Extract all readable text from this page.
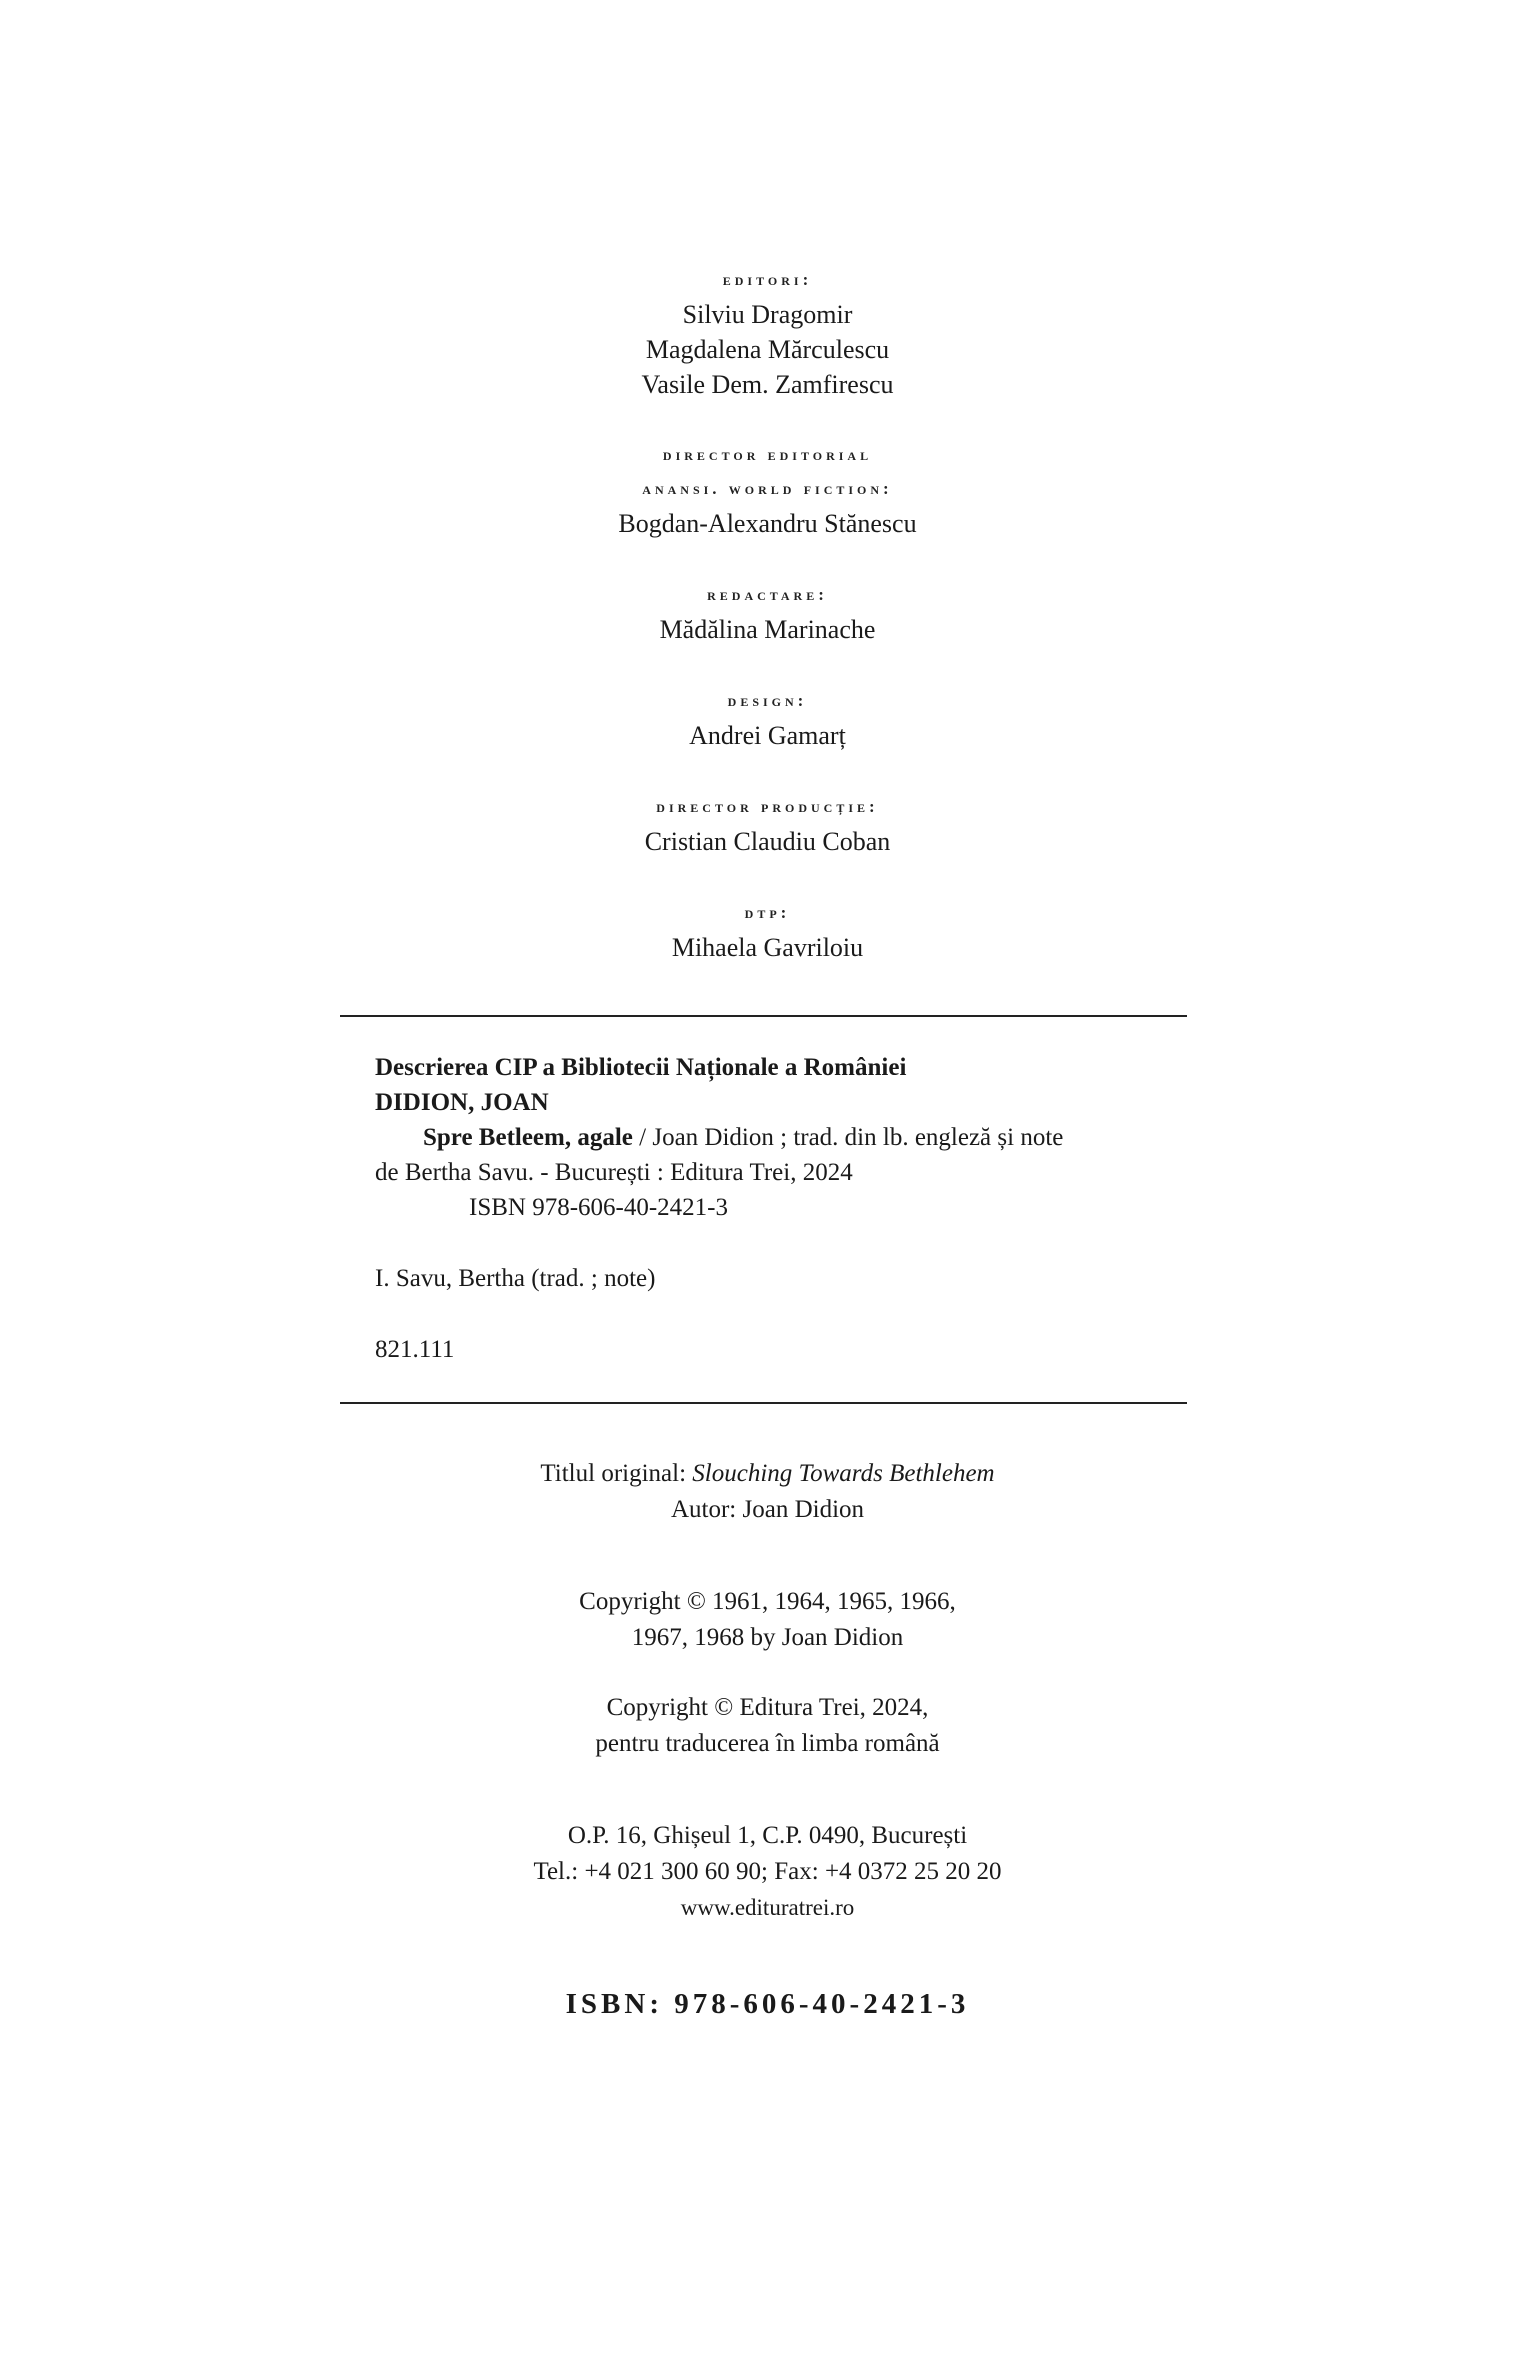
editori:
Silviu Dragomir
Magdalena Mărculescu
Vasile Dem. Zamfirescu
director editorial
anansi. world fiction:
Bogdan-Alexandru Stănescu
redactare:
Mădălina Marinache
design:
Andrei Gamarț
director producție:
Cristian Claudiu Coban
dtp:
Mihaela Gavriloiu
Descrierea CIP a Bibliotecii Naționale a României
DIDION, JOAN
Spre Betleem, agale / Joan Didion ; trad. din lb. engleză și note
de Bertha Savu. - București : Editura Trei, 2024
ISBN 978-606-40-2421-3
I. Savu, Bertha (trad. ; note)
821.111
Titlul original: Slouching Towards Bethlehem
Autor: Joan Didion
Copyright © 1961, 1964, 1965, 1966,
1967, 1968 by Joan Didion
Copyright © Editura Trei, 2024,
pentru traducerea în limba română
O.P. 16, Ghișeul 1, C.P. 0490, București
Tel.: +4 021 300 60 90; Fax: +4 0372 25 20 20
www.edituratrei.ro
ISBN: 978-606-40-2421-3
